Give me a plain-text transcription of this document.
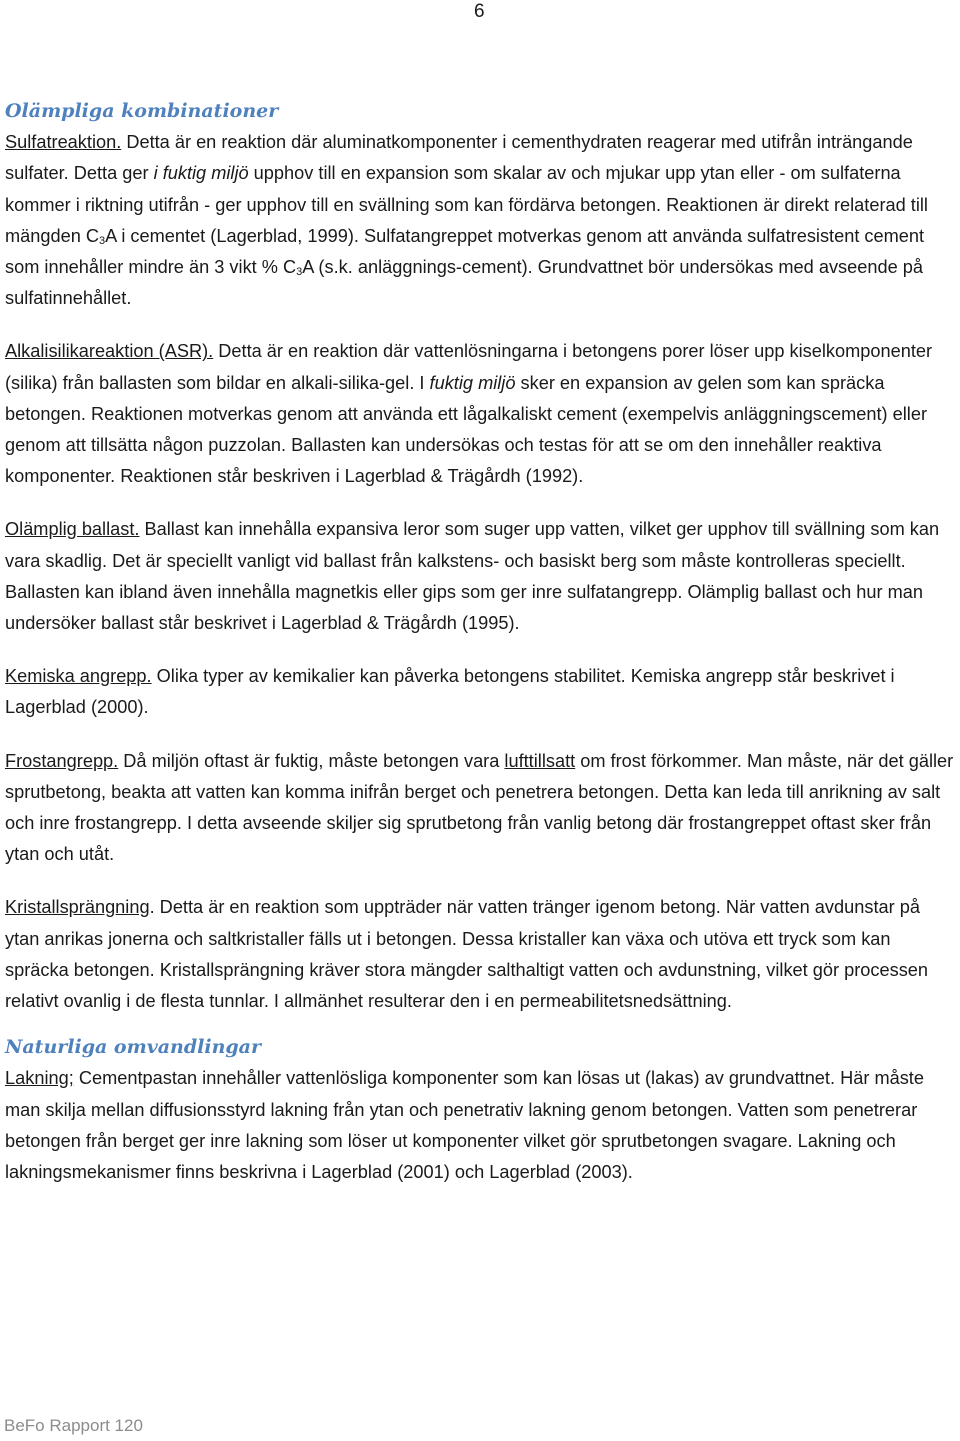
6
Olämpliga kombinationer

Sulfatreaktion. Detta är en reaktion där aluminatkomponenter i cementhydraten reagerar med utifrån inträngande sulfater. Detta ger i fuktig miljö upphov till en expansion som skalar av och mjukar upp ytan eller - om sulfaterna kommer i riktning utifrån - ger upphov till en svällning som kan fördärva betongen. Reaktionen är direkt relaterad till mängden $C_3A$ i cementet (Lagerblad, 1999). Sulfatangreppet motverkas genom att använda sulfatresistent cement som innehåller mindre än 3 vikt % $C_3A$ (s.k. anläggnings-cement). Grundvattnet bör undersökas med avseende på sulfatinnehållet.

Alkalisilikareaktion (ASR). Detta är en reaktion där vattenlösningarna i betongens porer löser upp kiselkomponenter (silika) från ballasten som bildar en alkali-silika-gel. I fuktig miljö sker en expansion av gelen som kan spräcka betongen. Reaktionen motverkas genom att använda ett lågalkaliskt cement (exempelvis anläggningscement) eller genom att tillsätta någon puzzolan. Ballasten kan undersökas och testas för att se om den innehåller reaktiva komponenter. Reaktionen står beskriven i Lagerblad & Trägårdh (1992).

Olämplig ballast. Ballast kan innehålla expansiva leror som suger upp vatten, vilket ger upphov till svällning som kan vara skadlig. Det är speciellt vanligt vid ballast från kalkstens- och basiskt berg som måste kontrolleras speciellt. Ballasten kan ibland även innehålla magnetkis eller gips som ger inre sulfatangrepp. Olämplig ballast och hur man undersöker ballast står beskrivet i Lagerblad & Trägårdh (1995).

Kemiska angrepp. Olika typer av kemikalier kan påverka betongens stabilitet. Kemiska angrepp står beskrivet i Lagerblad (2000).

Frostangrepp. Då miljön oftast är fuktig, måste betongen vara lufttillsatt om frost förkommer. Man måste, när det gäller sprutbetong, beakta att vatten kan komma inifrån berget och penetrera betongen. Detta kan leda till anrikning av salt och inre frostangrepp. I detta avseende skiljer sig sprutbetong från vanlig betong där frostangreppet oftast sker från ytan och utåt.

Kristallsprängning. Detta är en reaktion som uppträder när vatten tränger igenom betong. När vatten avdunstar på ytan anrikas jonerna och saltkristaller fälls ut i betongen. Dessa kristaller kan växa och utöva ett tryck som kan spräcka betongen. Kristallsprängning kräver stora mängder salthaltigt vatten och avdunstning, vilket gör processen relativt ovanlig i de flesta tunnlar. I allmänhet resulterar den i en permeabilitetsnedsättning.

Naturliga omvandlingar

Lakning; Cementpastan innehåller vattenlösliga komponenter som kan lösas ut (lakas) av grundvattnet. Här måste man skilja mellan diffusionsstyrd lakning från ytan och penetrativ lakning genom betongen. Vatten som penetrerar betongen från berget ger inre lakning som löser ut komponenter vilket gör sprutbetongen svagare. Lakning och lakningsmekanismer finns beskrivna i Lagerblad (2001) och Lagerblad (2003).

BeFo Rapport 120
